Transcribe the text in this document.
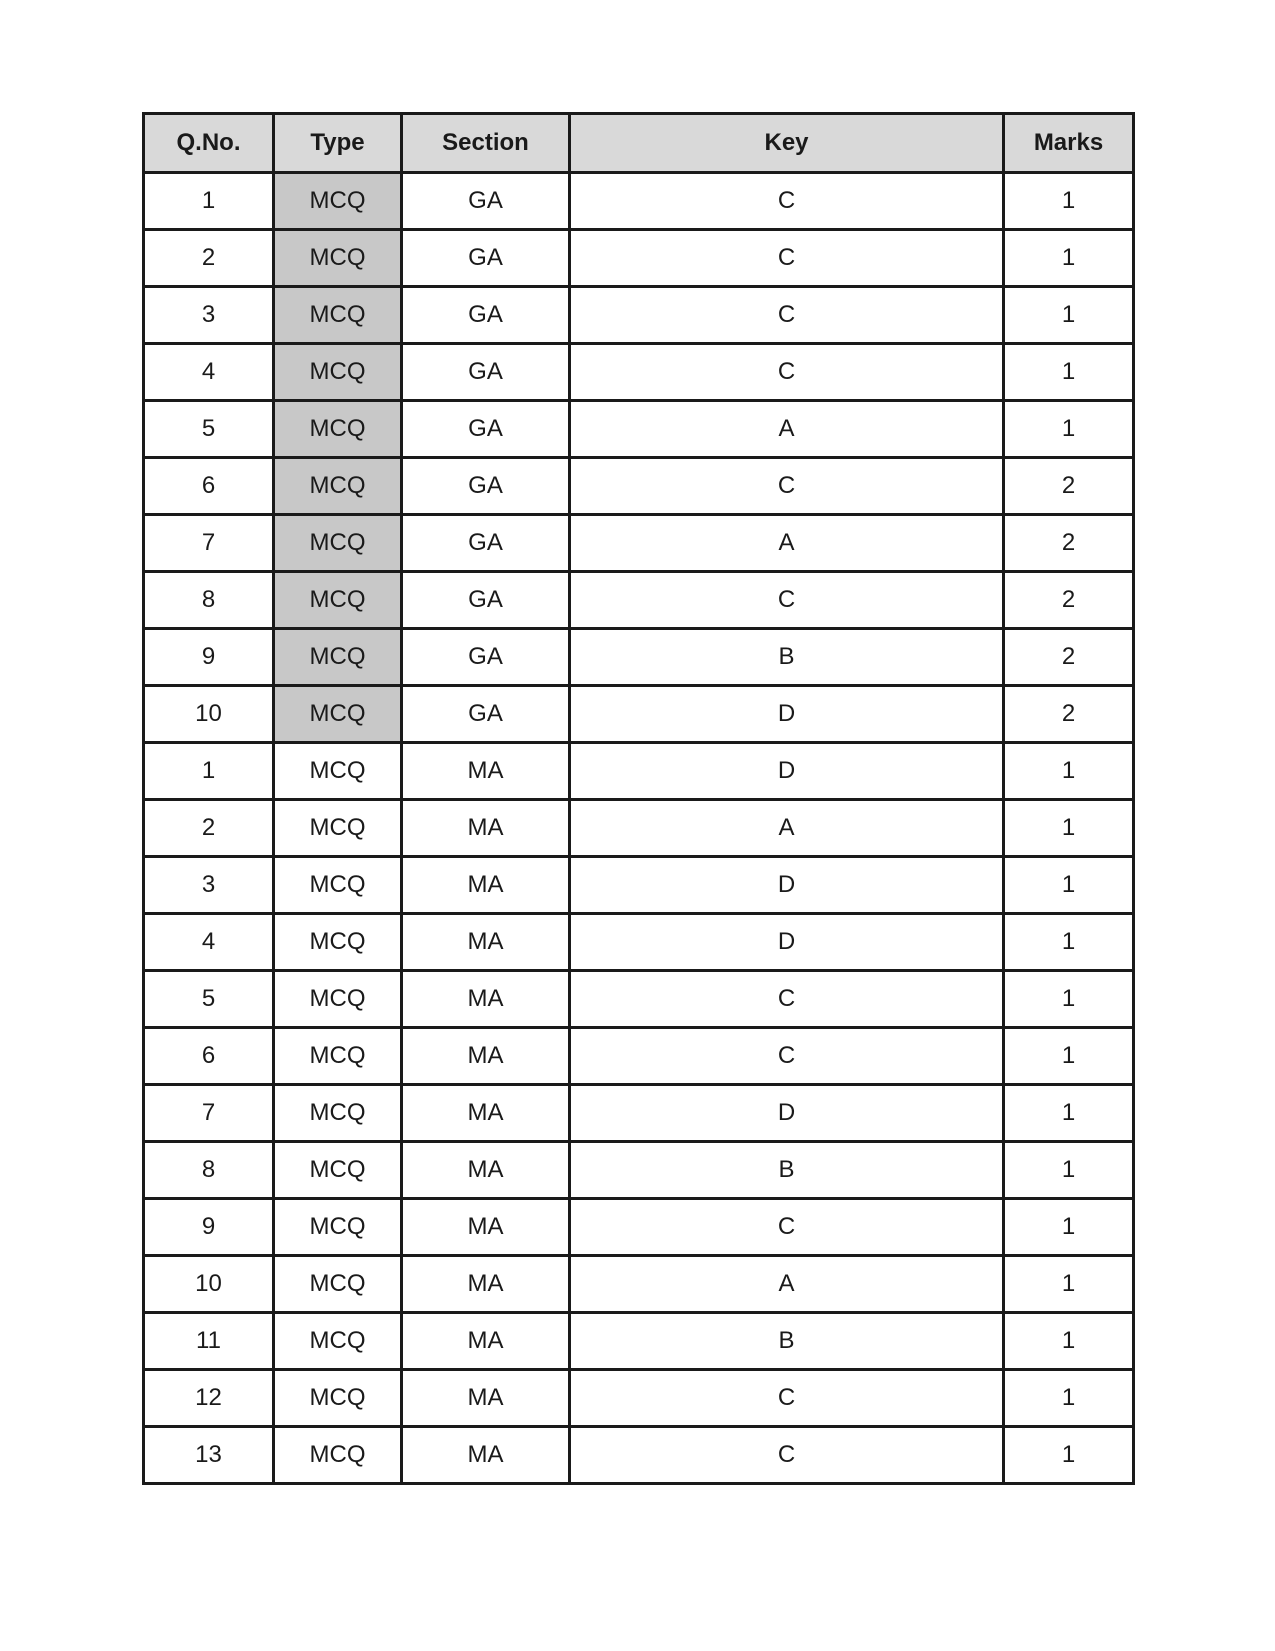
Q.No.	Type	Section	Key	Marks
1	MCQ	GA	C	1
2	MCQ	GA	C	1
3	MCQ	GA	C	1
4	MCQ	GA	C	1
5	MCQ	GA	A	1
6	MCQ	GA	C	2
7	MCQ	GA	A	2
8	MCQ	GA	C	2
9	MCQ	GA	B	2
10	MCQ	GA	D	2
1	MCQ	MA	D	1
2	MCQ	MA	A	1
3	MCQ	MA	D	1
4	MCQ	MA	D	1
5	MCQ	MA	C	1
6	MCQ	MA	C	1
7	MCQ	MA	D	1
8	MCQ	MA	B	1
9	MCQ	MA	C	1
10	MCQ	MA	A	1
11	MCQ	MA	B	1
12	MCQ	MA	C	1
13	MCQ	MA	C	1
